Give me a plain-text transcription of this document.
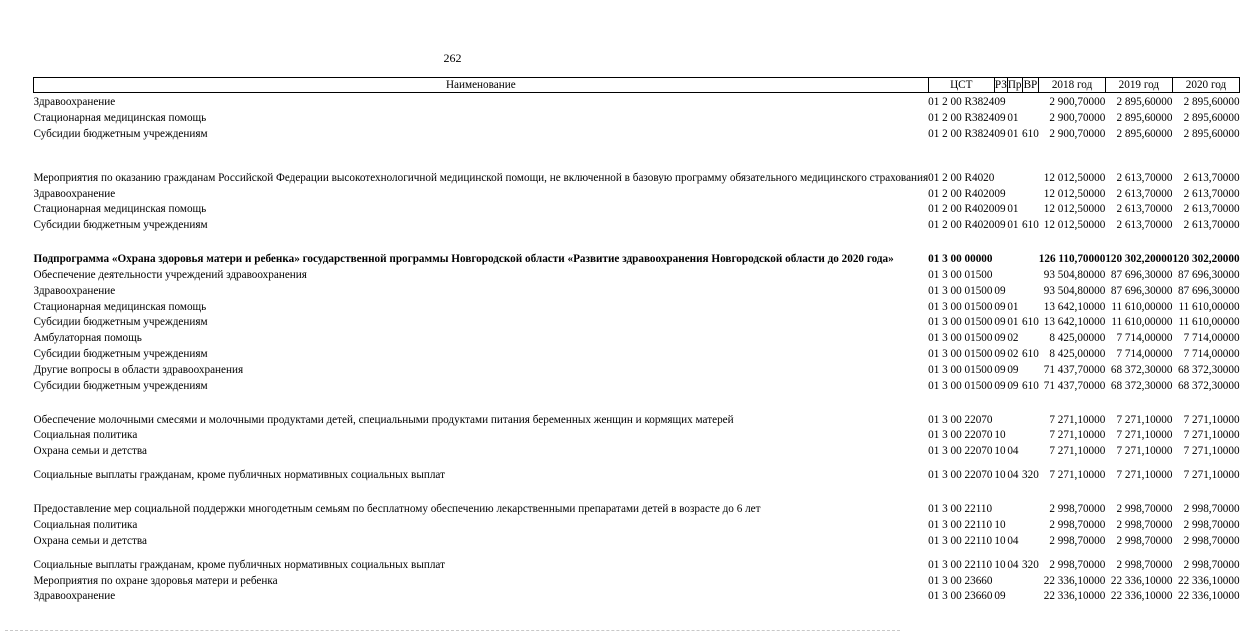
262
Наименование	ЦСТ	РЗ	Пр	ВР	2018 год	2019 год	2020 год
Здравоохранение	01 2 00 R3824	09			2 900,70000	2 895,60000	2 895,60000
Стационарная медицинская помощь	01 2 00 R3824	09	01		2 900,70000	2 895,60000	2 895,60000
Субсидии бюджетным учреждениям	01 2 00 R3824	09	01	610	2 900,70000	2 895,60000	2 895,60000
Мероприятия по оказанию гражданам Российской Федерации высокотехнологичной медицинской помощи, не включенной в базовую программу обязательного медицинского страхования	01 2 00 R4020				12 012,50000	2 613,70000	2 613,70000
Здравоохранение	01 2 00 R4020	09			12 012,50000	2 613,70000	2 613,70000
Стационарная медицинская помощь	01 2 00 R4020	09	01		12 012,50000	2 613,70000	2 613,70000
Субсидии бюджетным учреждениям	01 2 00 R4020	09	01	610	12 012,50000	2 613,70000	2 613,70000
Подпрограмма «Охрана здоровья матери и ребенка» государственной программы Новгородской области «Развитие здравоохранения Новгородской области до 2020 года»	01 3 00 00000				126 110,70000	120 302,20000	120 302,20000
Обеспечение деятельности учреждений здравоохранения	01 3 00 01500				93 504,80000	87 696,30000	87 696,30000
Здравоохранение	01 3 00 01500	09			93 504,80000	87 696,30000	87 696,30000
Стационарная медицинская помощь	01 3 00 01500	09	01		13 642,10000	11 610,00000	11 610,00000
Субсидии бюджетным учреждениям	01 3 00 01500	09	01	610	13 642,10000	11 610,00000	11 610,00000
Амбулаторная помощь	01 3 00 01500	09	02		8 425,00000	7 714,00000	7 714,00000
Субсидии бюджетным учреждениям	01 3 00 01500	09	02	610	8 425,00000	7 714,00000	7 714,00000
Другие вопросы в области здравоохранения	01 3 00 01500	09	09		71 437,70000	68 372,30000	68 372,30000
Субсидии бюджетным учреждениям	01 3 00 01500	09	09	610	71 437,70000	68 372,30000	68 372,30000
Обеспечение молочными смесями и молочными продуктами детей, специальными продуктами питания беременных женщин и кормящих матерей	01 3 00 22070				7 271,10000	7 271,10000	7 271,10000
Социальная политика	01 3 00 22070	10			7 271,10000	7 271,10000	7 271,10000
Охрана семьи и детства	01 3 00 22070	10	04		7 271,10000	7 271,10000	7 271,10000
Социальные выплаты гражданам, кроме публичных нормативных социальных выплат	01 3 00 22070	10	04	320	7 271,10000	7 271,10000	7 271,10000
Предоставление мер социальной поддержки многодетным семьям по бесплатному обеспечению лекарственными препаратами детей в возрасте до 6 лет	01 3 00 22110				2 998,70000	2 998,70000	2 998,70000
Социальная политика	01 3 00 22110	10			2 998,70000	2 998,70000	2 998,70000
Охрана семьи и детства	01 3 00 22110	10	04		2 998,70000	2 998,70000	2 998,70000
Социальные выплаты гражданам, кроме публичных нормативных социальных выплат	01 3 00 22110	10	04	320	2 998,70000	2 998,70000	2 998,70000
Мероприятия по охране здоровья матери и ребенка	01 3 00 23660				22 336,10000	22 336,10000	22 336,10000
Здравоохранение	01 3 00 23660	09			22 336,10000	22 336,10000	22 336,10000
